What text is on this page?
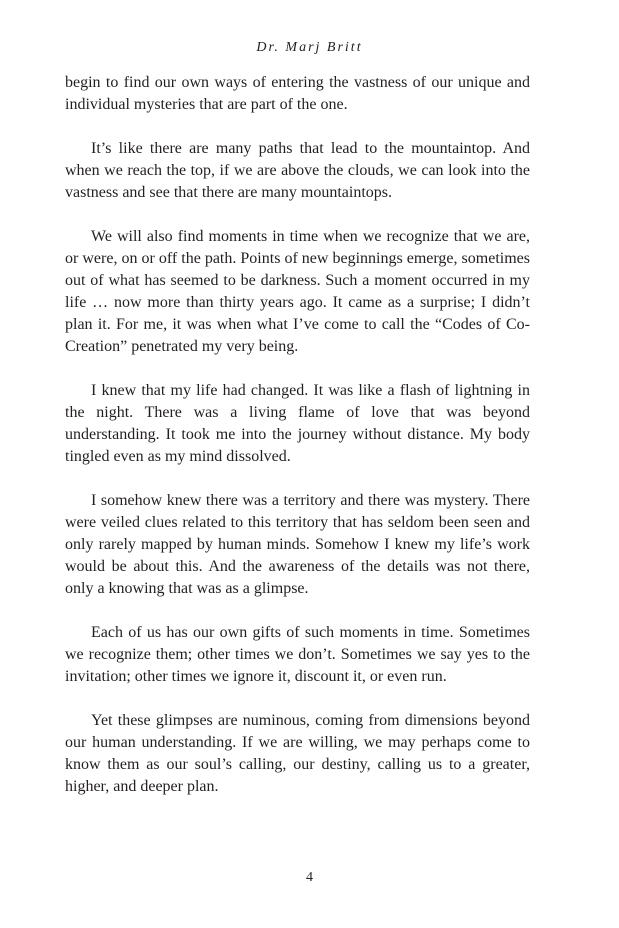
Dr. Marj Britt

begin to find our own ways of entering the vastness of our unique and individual mysteries that are part of the one.

It’s like there are many paths that lead to the mountaintop. And when we reach the top, if we are above the clouds, we can look into the vastness and see that there are many mountaintops.

We will also find moments in time when we recognize that we are, or were, on or off the path. Points of new beginnings emerge, sometimes out of what has seemed to be darkness. Such a moment occurred in my life … now more than thirty years ago. It came as a surprise; I didn’t plan it. For me, it was when what I’ve come to call the “Codes of Co-Creation” penetrated my very being.

I knew that my life had changed. It was like a flash of lightning in the night. There was a living flame of love that was beyond understanding. It took me into the journey without distance. My body tingled even as my mind dissolved.

I somehow knew there was a territory and there was mystery. There were veiled clues related to this territory that has seldom been seen and only rarely mapped by human minds. Somehow I knew my life’s work would be about this. And the awareness of the details was not there, only a knowing that was as a glimpse.

Each of us has our own gifts of such moments in time. Sometimes we recognize them; other times we don’t. Sometimes we say yes to the invitation; other times we ignore it, discount it, or even run.

Yet these glimpses are numinous, coming from dimensions beyond our human understanding. If we are willing, we may perhaps come to know them as our soul’s calling, our destiny, calling us to a greater, higher, and deeper plan.

4
